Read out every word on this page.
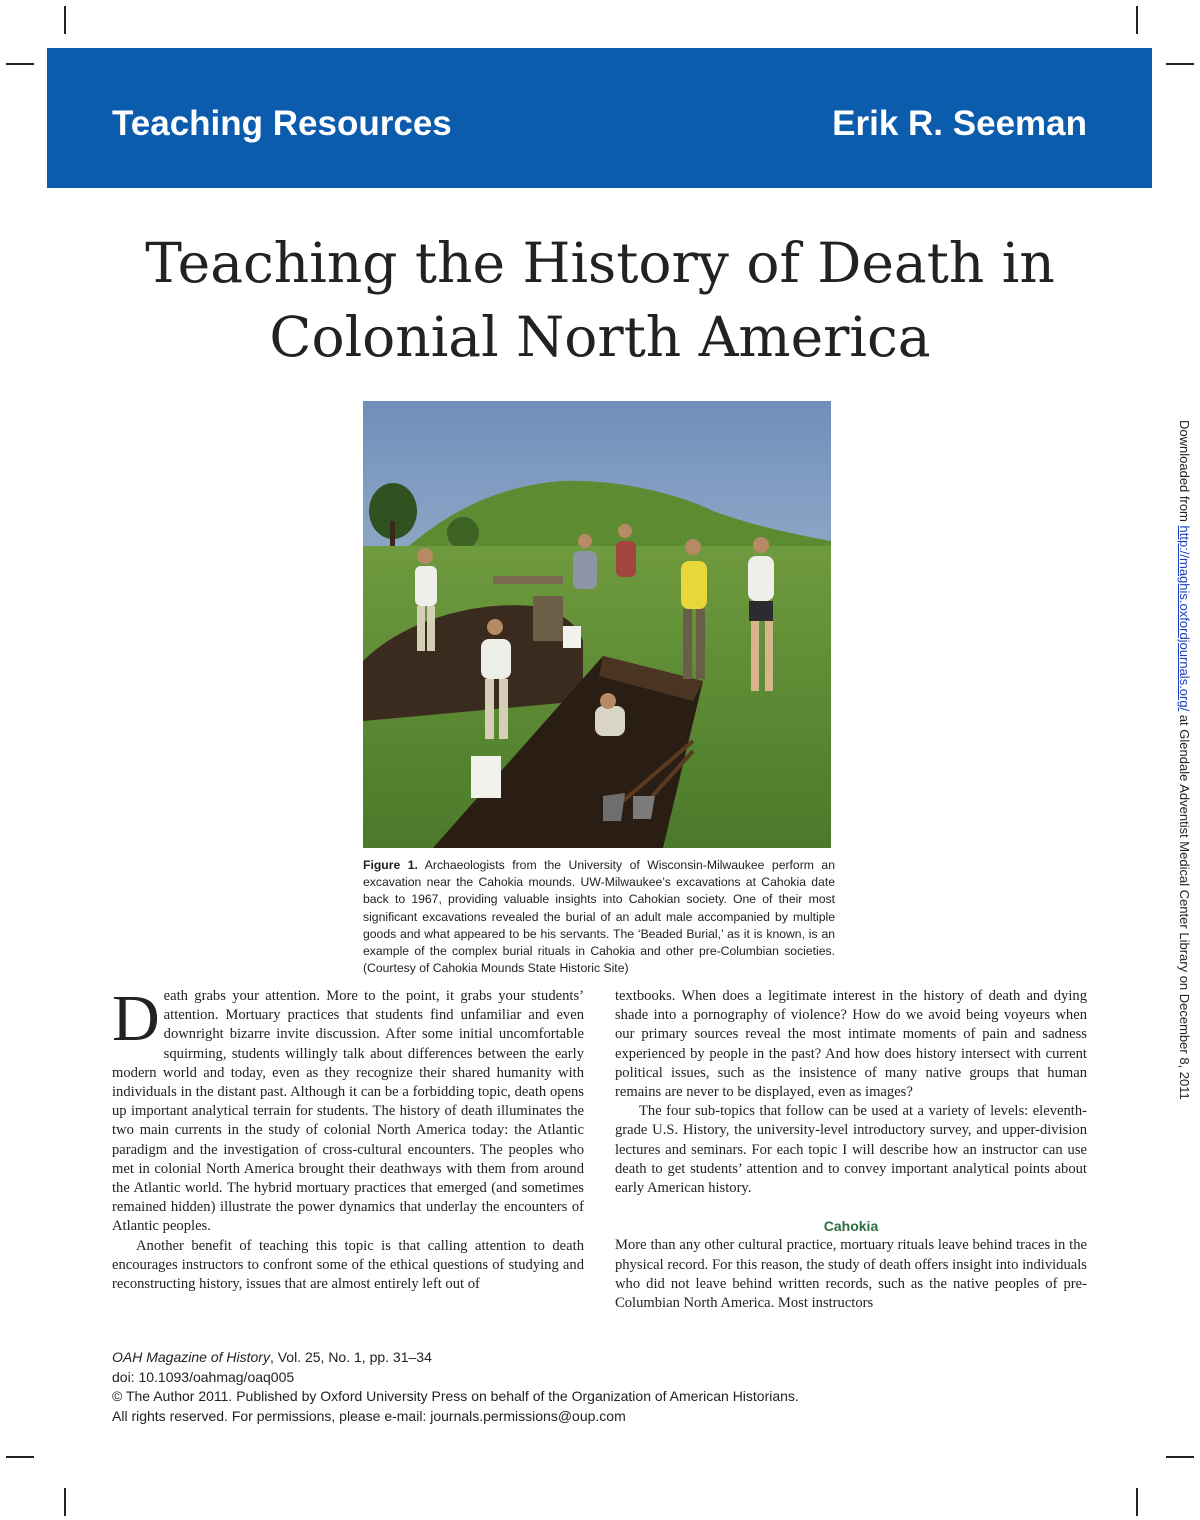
Teaching Resources	Erik R. Seeman
Teaching the History of Death in
Colonial North America
Figure 1. Archaeologists from the University of Wisconsin-Milwaukee perform an excavation near the Cahokia mounds. UW-Milwaukee’s excavations at Cahokia date back to 1967, providing valuable insights into Cahokian society. One of their most significant excavations revealed the burial of an adult male accompanied by multiple goods and what appeared to be his servants. The ‘Beaded Burial,’ as it is known, is an example of the complex burial rituals in Cahokia and other pre-Columbian societies. (Courtesy of Cahokia Mounds State Historic Site)

Death grabs your attention. More to the point, it grabs your students’ attention. Mortuary practices that students find unfamiliar and even downright bizarre invite discussion. After some initial uncomfortable squirming, students willingly talk about differences between the early modern world and today, even as they recognize their shared humanity with individuals in the distant past. Although it can be a forbidding topic, death opens up important analytical terrain for students. The history of death illuminates the two main currents in the study of colonial North America today: the Atlantic paradigm and the investigation of cross-cultural encounters. The peoples who met in colonial North America brought their deathways with them from around the Atlantic world. The hybrid mortuary practices that emerged (and sometimes remained hidden) illustrate the power dynamics that underlay the encounters of Atlantic peoples.

Another benefit of teaching this topic is that calling attention to death encourages instructors to confront some of the ethical questions of studying and reconstructing history, issues that are almost entirely left out of

textbooks. When does a legitimate interest in the history of death and dying shade into a pornography of violence? How do we avoid being voyeurs when our primary sources reveal the most intimate moments of pain and sadness experienced by people in the past? And how does history intersect with current political issues, such as the insistence of many native groups that human remains are never to be displayed, even as images?

The four sub-topics that follow can be used at a variety of levels: eleventh-grade U.S. History, the university-level introductory survey, and upper-division lectures and seminars. For each topic I will describe how an instructor can use death to get students’ attention and to convey important analytical points about early American history.

Cahokia

More than any other cultural practice, mortuary rituals leave behind traces in the physical record. For this reason, the study of death offers insight into individuals who did not leave behind written records, such as the native peoples of pre-Columbian North America. Most instructors

OAH Magazine of History, Vol. 25, No. 1, pp. 31–34
doi: 10.1093/oahmag/oaq005
© The Author 2011. Published by Oxford University Press on behalf of the Organization of American Historians.
All rights reserved. For permissions, please e-mail: journals.permissions@oup.com
Downloaded from http://maghis.oxfordjournals.org/ at Glendale Adventist Medical Center Library on December 8, 2011
